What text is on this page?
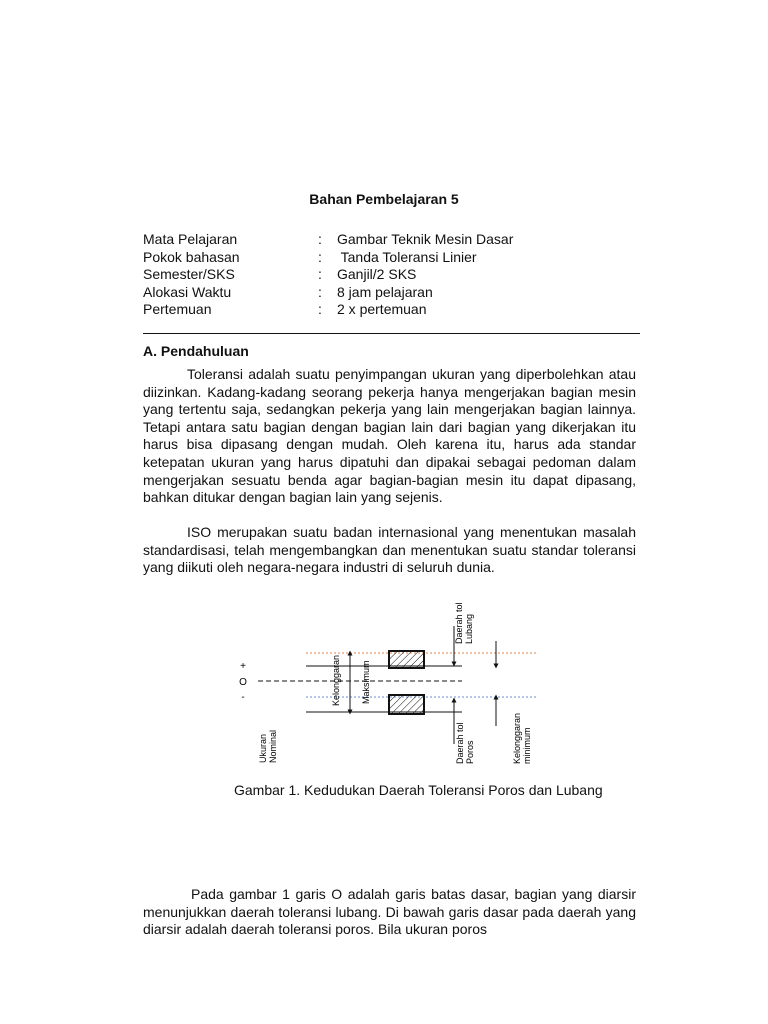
Bahan Pembelajaran 5
Mata Pelajaran	:	Gambar Teknik Mesin Dasar
Pokok bahasan	:	Tanda Toleransi Linier
Semester/SKS	:	Ganjil/2 SKS
Alokasi Waktu	:	8 jam pelajaran
Pertemuan	:	2 x pertemuan
A. Pendahuluan

Toleransi adalah suatu penyimpangan ukuran yang diperbolehkan atau diizinkan. Kadang-kadang seorang pekerja hanya mengerjakan bagian mesin yang tertentu saja, sedangkan pekerja yang lain mengerjakan bagian lainnya. Tetapi antara satu bagian dengan bagian lain dari bagian yang dikerjakan itu harus bisa dipasang dengan mudah. Oleh karena itu, harus ada standar ketepatan ukuran yang harus dipatuhi dan dipakai sebagai pedoman dalam mengerjakan sesuatu benda agar bagian-bagian mesin itu dapat dipasang, bahkan ditukar dengan bagian lain yang sejenis.

ISO merupakan suatu badan internasional yang menentukan masalah standardisasi, telah mengembangkan dan menentukan suatu standar toleransi yang diikuti oleh negara-negara industri di seluruh dunia.

+
O
-
Ukuran Nominal
Kelonggaran Maksimum
Daerah tol Lubang
Daerah tol Poros	Kelonggaran minimum
Gambar 1. Kedudukan Daerah Toleransi Poros dan Lubang

Pada gambar 1 garis O adalah garis batas dasar, bagian yang diarsir menunjukkan daerah toleransi lubang. Di bawah garis dasar pada daerah yang diarsir adalah daerah toleransi poros. Bila ukuran poros
